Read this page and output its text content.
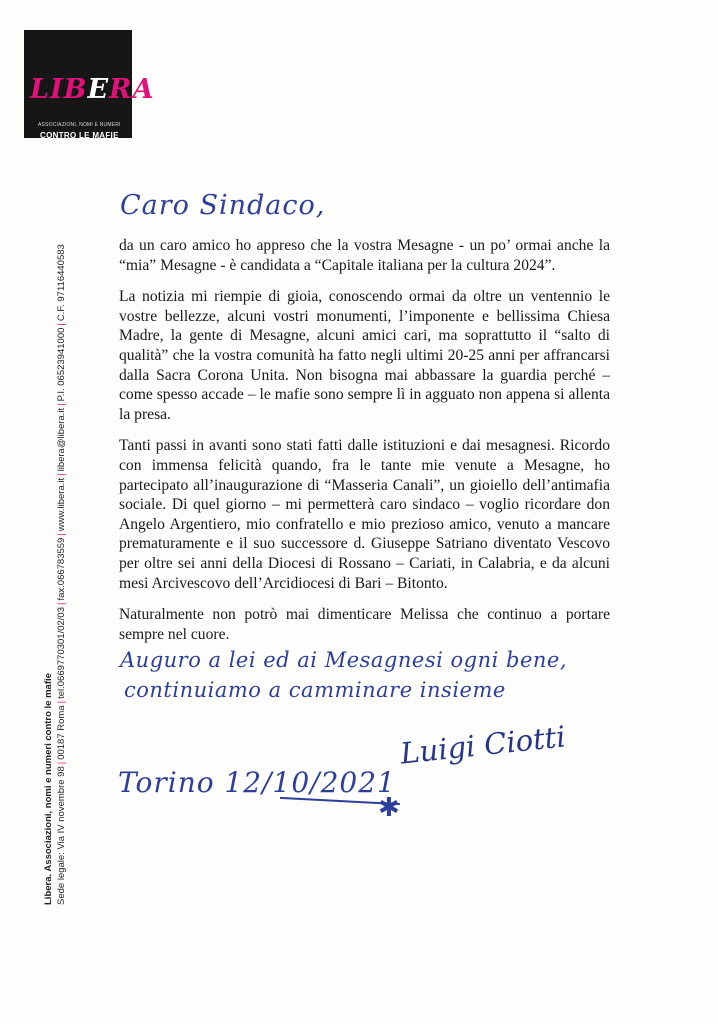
LIBERA
ASSOCIAZIONI, NOMI E NUMERI
CONTRO LE MAFIE
Libera. Associazioni, nomi e numeri contro le mafie Sede legale: Via IV novembre 98|00187 Roma|tel.0669770301/02/03|fax.066783559|www.libera.it|libera@libera.it|P.I. 06523941000|C.F. 97116440583
Caro Sindaco,

da un caro amico ho appreso che la vostra Mesagne - un po’ ormai anche la “mia” Mesagne - è candidata a “Capitale italiana per la cultura 2024”.

La notizia mi riempie di gioia, conoscendo ormai da oltre un ventennio le vostre bellezze, alcuni vostri monumenti, l’imponente e bellissima Chiesa Madre, la gente di Mesagne, alcuni amici cari, ma soprattutto il “salto di qualità” che la vostra comunità ha fatto negli ultimi 20-25 anni per affrancarsi dalla Sacra Corona Unita. Non bisogna mai abbassare la guardia perché – come spesso accade – le mafie sono sempre lì in agguato non appena si allenta la presa.

Tanti passi in avanti sono stati fatti dalle istituzioni e dai mesagnesi. Ricordo con immensa felicità quando, fra le tante mie venute a Mesagne, ho partecipato all’inaugurazione di “Masseria Canali”, un gioiello dell’antimafia sociale. Di quel giorno – mi permetterà caro sindaco – voglio ricordare don Angelo Argentiero, mio confratello e mio prezioso amico, venuto a mancare prematuramente e il suo successore d. Giuseppe Satriano diventato Vescovo per oltre sei anni della Diocesi di Rossano – Cariati, in Calabria, e da alcuni mesi Arcivescovo dell’Arcidiocesi di Bari – Bitonto.

Naturalmente non potrò mai dimenticare Melissa che continuo a portare sempre nel cuore.

Auguro a lei ed ai Mesagnesi ogni bene,
continuiamo a camminare insieme
Luigi Ciotti
Torino 12/10/2021
✱
